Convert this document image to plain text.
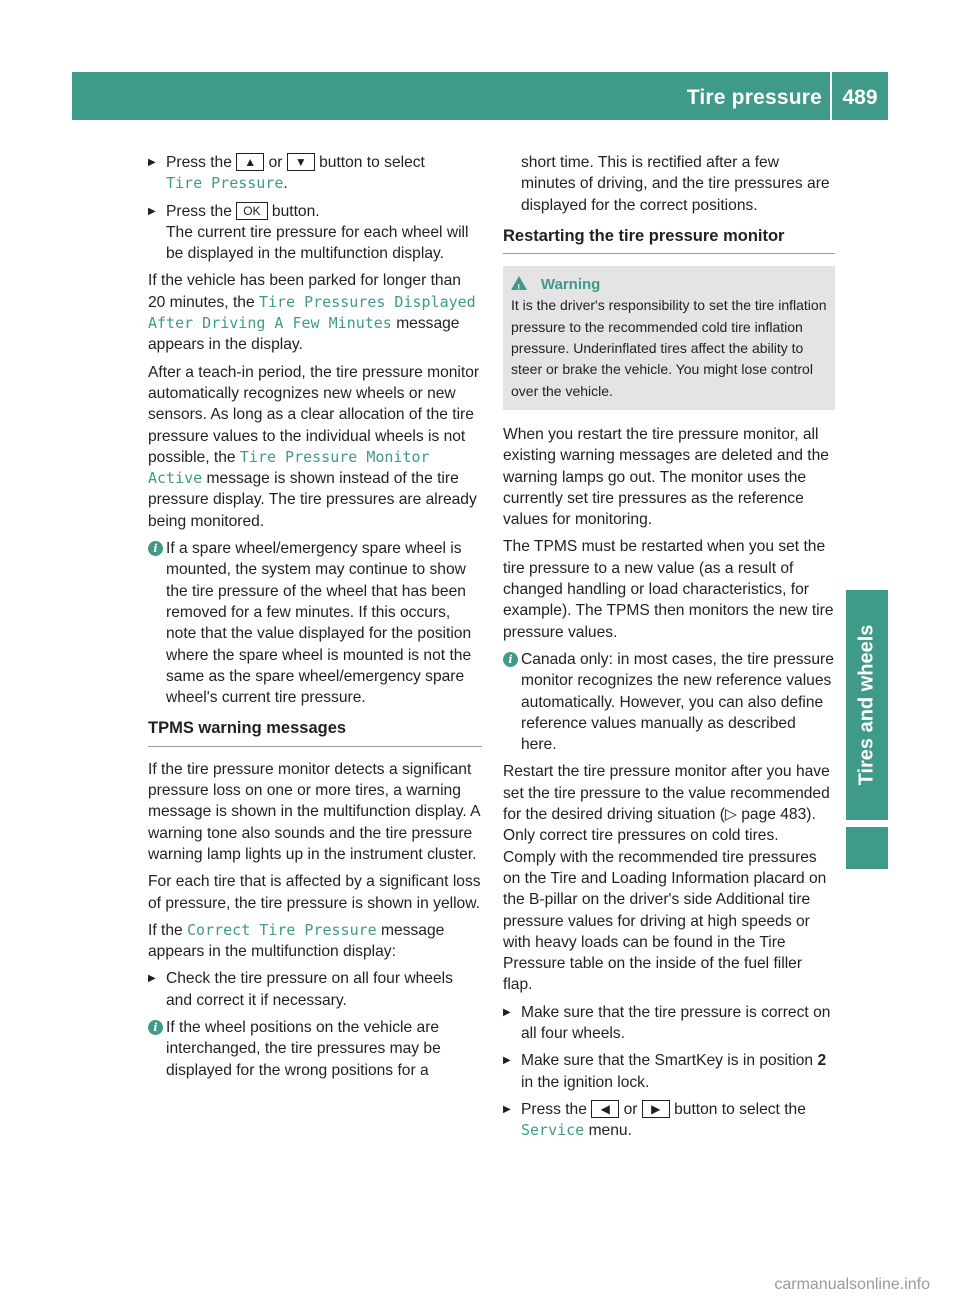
Tire pressure 489
Tires and wheels
▶ Press the ▲ or ▼ button to select
Tire Pressure.
▶ Press the OK button.
The current tire pressure for each wheel will be displayed in the multifunction display.

If the vehicle has been parked for longer than 20 minutes, the Tire Pressures Displayed After Driving A Few Minutes message appears in the display.

After a teach-in period, the tire pressure monitor automatically recognizes new wheels or new sensors. As long as a clear allocation of the tire pressure values to the individual wheels is not possible, the Tire Pressure Monitor Active message is shown instead of the tire pressure display. The tire pressures are already being monitored.

i If a spare wheel/emergency spare wheel is mounted, the system may continue to show the tire pressure of the wheel that has been removed for a few minutes. If this occurs, note that the value displayed for the position where the spare wheel is mounted is not the same as the spare wheel/emergency spare wheel's current tire pressure.
TPMS warning messages

If the tire pressure monitor detects a significant pressure loss on one or more tires, a warning message is shown in the multifunction display. A warning tone also sounds and the tire pressure warning lamp lights up in the instrument cluster.

For each tire that is affected by a significant loss of pressure, the tire pressure is shown in yellow.

If the Correct Tire Pressure message appears in the multifunction display:

▶ Check the tire pressure on all four wheels and correct it if necessary.
i If the wheel positions on the vehicle are interchanged, the tire pressures may be displayed for the wrong positions for a

short time. This is rectified after a few minutes of driving, and the tire pressures are displayed for the correct positions.

Restarting the tire pressure monitor
! Warning
It is the driver's responsibility to set the tire inflation pressure to the recommended cold tire inflation pressure. Underinflated tires affect the ability to steer or brake the vehicle. You might lose control over the vehicle.

When you restart the tire pressure monitor, all existing warning messages are deleted and the warning lamps go out. The monitor uses the currently set tire pressures as the reference values for monitoring.

The TPMS must be restarted when you set the tire pressure to a new value (as a result of changed handling or load characteristics, for example). The TPMS then monitors the new tire pressure values.

i Canada only: in most cases, the tire pressure monitor recognizes the new reference values automatically. However, you can also define reference values manually as described here.

Restart the tire pressure monitor after you have set the tire pressure to the value recommended for the desired driving situation (▷ page 483). Only correct tire pressures on cold tires. Comply with the recommended tire pressures on the Tire and Loading Information placard on the B-pillar on the driver's side Additional tire pressure values for driving at high speeds or with heavy loads can be found in the Tire Pressure table on the inside of the fuel filler flap.

▶ Make sure that the tire pressure is correct on all four wheels.
▶ Make sure that the SmartKey is in position 2 in the ignition lock.
▶ Press the ◀ or ▶ button to select the
Service menu.
carmanualsonline.info
